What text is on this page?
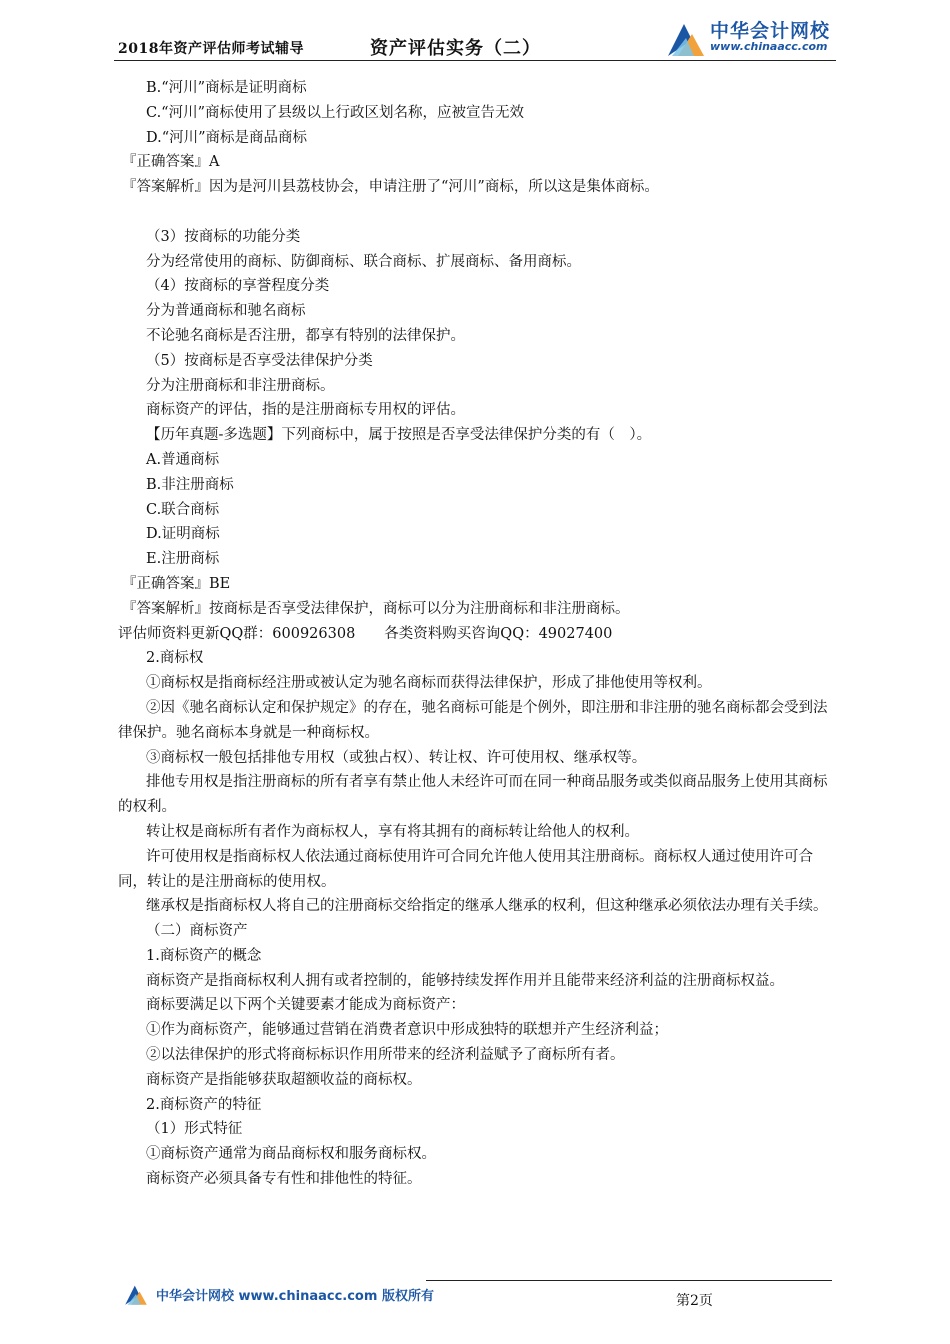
2018年资产评估师考试辅导	资产评估实务（二）
中华会计网校
www.chinaacc.com

B.“河川”商标是证明商标

C.“河川”商标使用了县级以上行政区划名称，应被宣告无效

D.“河川”商标是商品商标

『正确答案』A

『答案解析』因为是河川县荔枝协会，申请注册了“河川”商标，所以这是集体商标。

（3）按商标的功能分类

分为经常使用的商标、防御商标、联合商标、扩展商标、备用商标。

（4）按商标的享誉程度分类

分为普通商标和驰名商标

不论驰名商标是否注册，都享有特别的法律保护。

（5）按商标是否享受法律保护分类

分为注册商标和非注册商标。

商标资产的评估，指的是注册商标专用权的评估。

【历年真题-多选题】下列商标中，属于按照是否享受法律保护分类的有（　）。

A.普通商标

B.非注册商标

C.联合商标

D.证明商标

E.注册商标

『正确答案』BE

『答案解析』按商标是否享受法律保护，商标可以分为注册商标和非注册商标。

评估师资料更新QQ群：600926308　　各类资料购买咨询QQ：49027400

2.商标权

①商标权是指商标经注册或被认定为驰名商标而获得法律保护，形成了排他使用等权利。

②因《驰名商标认定和保护规定》的存在，驰名商标可能是个例外，即注册和非注册的驰名商标都会受到法律保护。驰名商标本身就是一种商标权。

③商标权一般包括排他专用权（或独占权）、转让权、许可使用权、继承权等。

排他专用权是指注册商标的所有者享有禁止他人未经许可而在同一种商品服务或类似商品服务上使用其商标的权利。

转让权是商标所有者作为商标权人，享有将其拥有的商标转让给他人的权利。

许可使用权是指商标权人依法通过商标使用许可合同允许他人使用其注册商标。商标权人通过使用许可合同，转让的是注册商标的使用权。

继承权是指商标权人将自己的注册商标交给指定的继承人继承的权利，但这种继承必须依法办理有关手续。

（二）商标资产

1.商标资产的概念

商标资产是指商标权利人拥有或者控制的，能够持续发挥作用并且能带来经济利益的注册商标权益。

商标要满足以下两个关键要素才能成为商标资产：

①作为商标资产，能够通过营销在消费者意识中形成独特的联想并产生经济利益；

②以法律保护的形式将商标标识作用所带来的经济利益赋予了商标所有者。

商标资产是指能够获取超额收益的商标权。

2.商标资产的特征

（1）形式特征

①商标资产通常为商品商标权和服务商标权。

商标资产必须具备专有性和排他性的特征。

中华会计网校 www.chinaacc.com 版权所有	第2页
